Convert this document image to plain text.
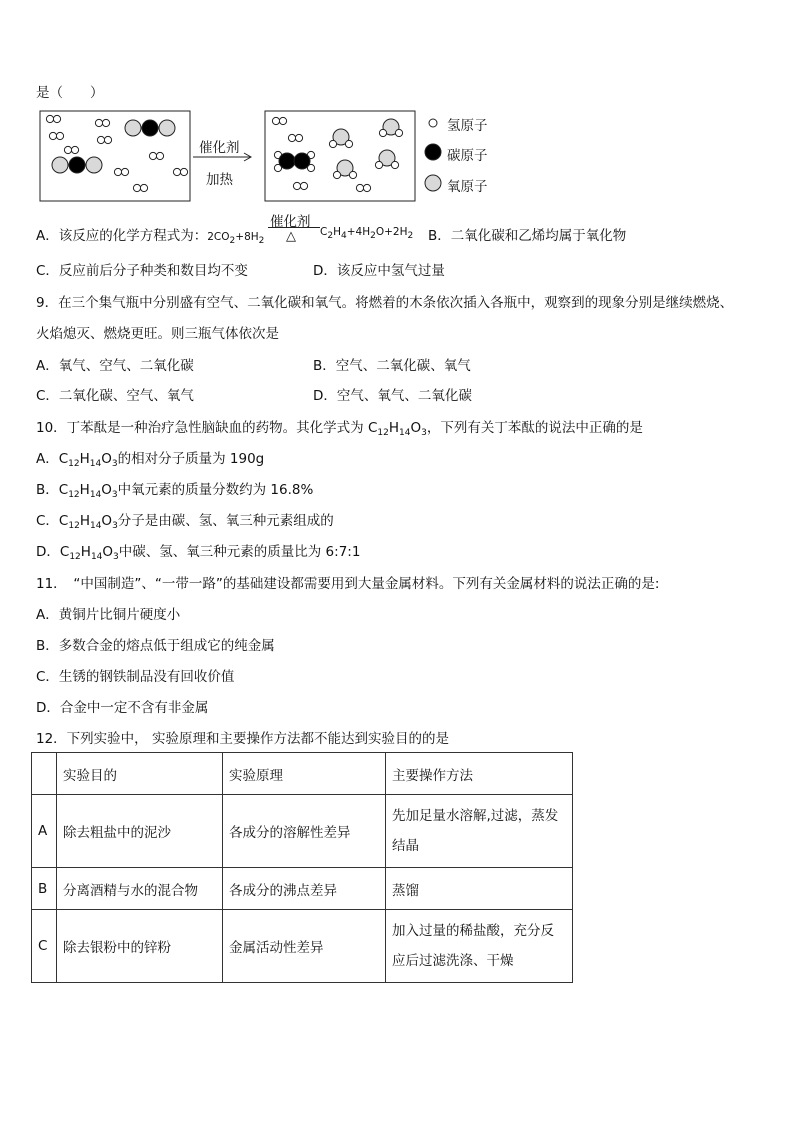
是（　　）
催化剂
加热
氢原子
碳原子
氧原子
A．该反应的化学方程式为：$2CO_2+8H_2$
催化剂
△ $C_2H_4+4H_2O+2H_2$ B．二氧化碳和乙烯均属于氧化物
C．反应前后分子种类和数目均不变	D．该反应中氢气过量
9．在三个集气瓶中分别盛有空气、二氧化碳和氧气。将燃着的木条依次插入各瓶中，观察到的现象分别是继续燃烧、
火焰熄灭、燃烧更旺。则三瓶气体依次是
A．氧气、空气、二氧化碳	B．空气、二氧化碳、氧气
C．二氧化碳、空气、氧气	D．空气、氧气、二氧化碳
10．丁苯酞是一种治疗急性脑缺血的药物。其化学式为 $C_{12}H_{14}O_3$，下列有关丁苯酞的说法中正确的是
A．$C_{12}H_{14}O_3$的相对分子质量为 190g
B．$C_{12}H_{14}O_3$中氧元素的质量分数约为 16.8%
C．$C_{12}H_{14}O_3$分子是由碳、氢、氧三种元素组成的
D．$C_{12}H_{14}O_3$中碳、氢、氧三种元素的质量比为 6:7:1
11．　“中国制造”、“一带一路”的基础建设都需要用到大量金属材料。下列有关金属材料的说法正确的是:
A．黄铜片比铜片硬度小
B．多数合金的熔点低于组成它的纯金属
C．生锈的钢铁制品没有回收价值
D．合金中一定不含有非金属
12．下列实验中， 实验原理和主要操作方法都不能达到实验目的的是
	实验目的	实验原理	主要操作方法
A	除去粗盐中的泥沙	各成分的溶解性差异	先加足量水溶解,过滤，蒸发
结晶

B	分离酒精与水的混合物	各成分的沸点差异	蒸馏
C	除去银粉中的锌粉	金属活动性差异	加入过量的稀盐酸，充分反
应后过滤洗涤、干燥
